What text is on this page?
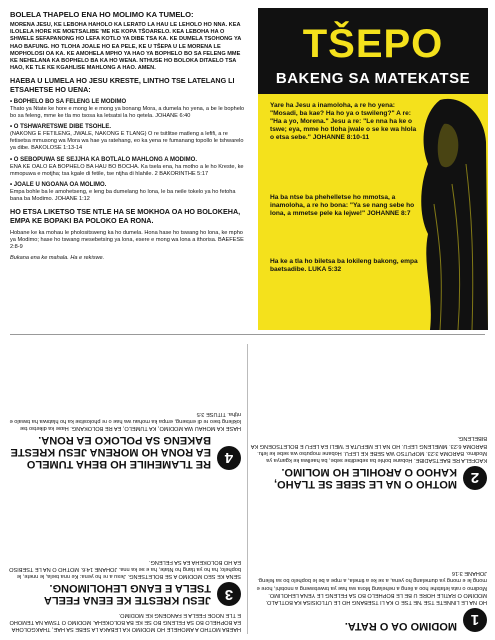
BOLELA THAPELO ENA HO MOLIMO KA TUMELO:

MORENA JESU, KE LEBOHA HAHOLO KA LERATO LA HAU LE LEHOLO HO NNA. KEA ILOLELA HORE KE MOETSALIBE 'ME KE KOPA TŠOARELO. KEA LEBOHA HA O SHWELE SEFAPANONG HO LEFA KOTLO YA DIBE TSA KA. KE DUMELA TSOHONG YA HAO BAFUNG. HO TLOHA JOALE HO EA PELE, KE U TŠEPA U LE MORENA LE MOPHOLOSI OA KA. KE AMOHELA MPHO YA HAO YA BOPHELO BO SA FELENG MME KE NEHELANA KA BOPHELO BA KA HO WENA. NTHUSE HO BOLOKA DITAELO TSA HAO, KE TLE KE KGAHLISE MAHLONG A HAO. AMEN.

HAEBA U LUMELA HO JESU KRESTE, LINTHO TSE LATELANG LI ETSAHETSE HO UENA:

• BOPHELO BO SA FELENG LE MODIMO

Thato ya Ntate ke hore e mong le e mong ya bonang Mora, a dumela ho yena, a be le bophelo bo sa feleng, mme ke tla mo tsosa ka letsatsi la ho qetela. JOHANE 6:40

• O TSHWARETSWE DIBE TSOHLE.

(NAKONG E FETILENG, JWALE, NAKONG E TLANG) O re tsitlitse matleng a lefifi, a re fetisetsa mmusong wa Mora wa hae ya ratehang, eo ka yena re fumanang topollo le tshwarelo ya dibe. BAKOLOSE 1:13-14

• O SEBOPUWA SE SEJJHA KA BOTLALO MAHLONG A MODIMO.

ENA KE OALO EA BOPHELO BA HAU BO BOCHA. Ka tsela ena, ha motho a le ho Kreste, ke mmopuwa e motjha; tsa kgale di fetile, tse ntjha di hlahile. 2 BAKORINTHE 5:17

• JOALE U NGOANA OA MOLIMO.

Empa bohle ba le amohetseng, e leng ba dumelang ho lona, le ba neile tokelo ya ho fetoha bana ba Modimo. JOHANE 1:12

HO ETSA LIKETSO TSE NTLE HA SE MOKHOA OA HO BOLOKEHA, EMPA KE BOPAKI BA POLOKO EA RONA.

Hobane ke ka mohau le pholositsweng ka ho dumela. Hona hase ho tswang ho lona, ke mpho ya Modimo; hase ho tswang mesebetsing ya lona, esere e mong wa lona a ithorisa. BAEFESE 2:8-9

Bukana ena ke mahala. Ha e rekiswe.

TŠEPO
BAKENG SA MATEKATSE
Yare ha Jesu a inamoloha, a re ho yena: "Mosadi, ba kae? Ha ho ya o tswileng?" A re: "Ha a yo, Morena." Jesu a re: "Le nna ha ke o tswe; eya, mme ho tloha jwale o se ke wa hlola o etsa sebe." JOHANNE 8:10-11
Ha ba ntse ba phehelletse ho mmotsa, a inamoloha, a re ho bona: "Ya se nang sebe ho lona, a mmetse pele ka lejwe!" JOHANNE 8:7
Ha ke a tla ho biletsa ba lokileng bakong, empa baetsadibe. LUKA 5:32
1
MODIMO OA O RATA.

HO NA LE LINNETE TSE 'NE TSE O KA LI TSEBANG HO LE UTLOISISA KA BOTLALO. MODIMO O RATILE HORE U BE LE BOPHELO BO SA FELENG LE YENA LEHOLIMO. Modimo o rata lefatshe hoo a ileng a nehelang Mora wa hae ya tswetsweng a nnotshi, hore e mong le e mong ya dumelang ho yena, a se ke a timela, a mpe a be le bophelo bo sa feleng. JOHANE 3:16

2
MOTHO O NA LE SEBE SE TLAHO, KAHOO O AROHILE HO MOLIMO.

KAOFELA RE BAETSADIBE. Hobane bohle ba sebeditse sebe, ba haellwa ke kganya ya Modimo. BAROMA 3:23. MOPUTSO WA SEBE KE LEFU. Hobane moputso wa sebe ke lefu. BAROMA 6:23. MMELENG LEFU. HO NA LE MEFUTA E 'MELI EA LEFU E BOLETSOENG KA BIBELENG.

HAEBA MOTHO A AMOHELE HO MODIMO KA LEBAKA LA SEBE SA HAE, THAKGOLOHA EA BOPHELO BO SA FELENG BO SE KE BA BOLOKEHA. MODIMO O TSWA NA TEMOHO E TLE NOOE FEELA E FANOENG KE MODIMO.

3
JESU KRESTE KE EENA FEELA TSELA E EANG LEHOLIMONG.

SENA KE SEO MODIMO A SE BOLETSENG. Jesu a re ho yena: Ke nna tsela, le nnete, le bophelo; ha ho ya tlang ho Ntate, ha e se ka nna. JOHANE 14:6. MOTHO O NA LE TSEBISO EA HO BOLOKEHA EA SA FELENG.

4
RE TLAMEHILE HO BEHA TUMELO EA RONA HO MORENA JESU KRESTE BAKENG SA POLOKO EA RONA.

HASE KA MOHAU WA MODIMO, KA TUMELO, EA RE BOLOKANG. Hase ka diketso tse lokileng tseo re di entseng, empa ka mohau wa hae o re pholositse ka ho hlatswa ha tswalo e ntjha. TITUSE 3:5
